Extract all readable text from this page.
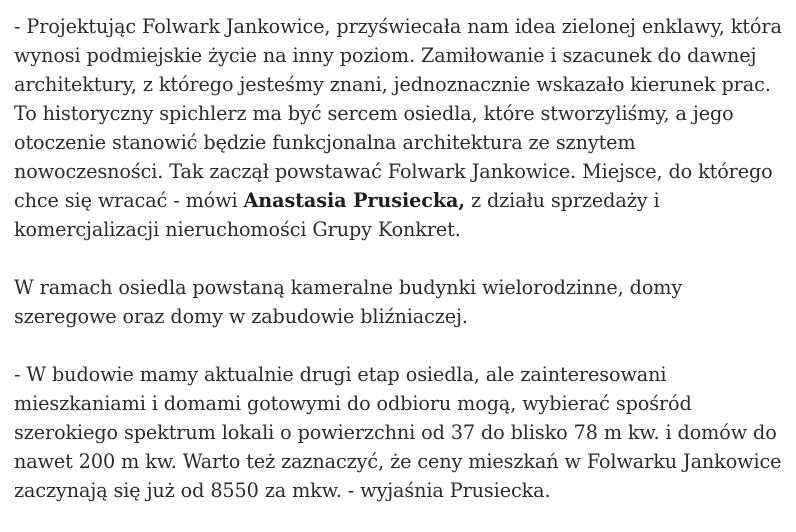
- Projektując Folwark Jankowice, przyświecała nam idea zielonej enklawy, która wynosi podmiejskie życie na inny poziom. Zamiłowanie i szacunek do dawnej architektury, z którego jesteśmy znani, jednoznacznie wskazało kierunek prac. To historyczny spichlerz ma być sercem osiedla, które stworzyliśmy, a jego otoczenie stanowić będzie funkcjonalna architektura ze sznytem nowoczesności. Tak zaczął powstawać Folwark Jankowice. Miejsce, do którego chce się wracać - mówi Anastasia Prusiecka, z działu sprzedaży i komercjalizacji nieruchomości Grupy Konkret.

W ramach osiedla powstaną kameralne budynki wielorodzinne, domy szeregowe oraz domy w zabudowie bliźniaczej.

- W budowie mamy aktualnie drugi etap osiedla, ale zainteresowani mieszkaniami i domami gotowymi do odbioru mogą, wybierać spośród szerokiego spektrum lokali o powierzchni od 37 do blisko 78 m kw. i domów do nawet 200 m kw. Warto też zaznaczyć, że ceny mieszkań w Folwarku Jankowice zaczynają się już od 8550 za mkw. - wyjaśnia Prusiecka.
